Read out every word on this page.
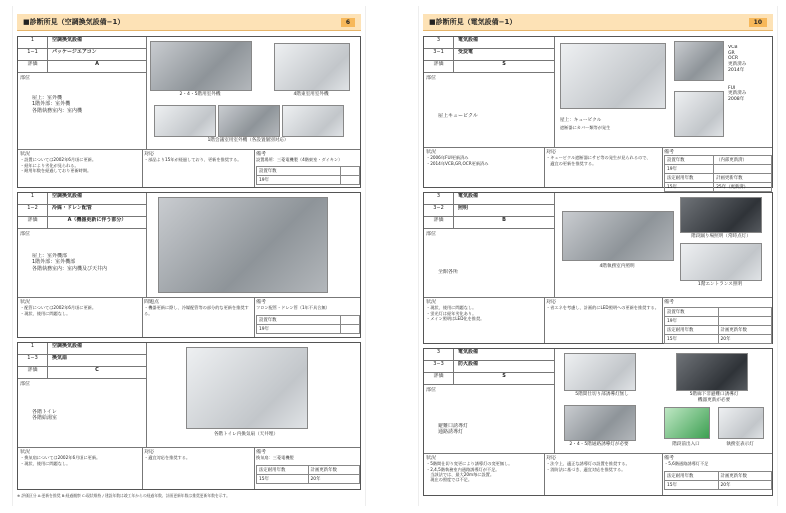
■診断所見（空調換気設備−1）	6
1	空調換気設備
1−1	パッケージエアコン
評価	A
部位
屋上：室外機
1階外部：室外機
各階執務室内：室内機
2・4・5階用室外機	4階東室用室外機
1階会議室用室外機（各設置個別対応）
状況
・設置については2002年6月頃に更新。
・経年により劣化が見られる。
・耐用年数を経過しており更新時期。
対応
・部品より15年が経過しており、更新を推奨する。
備考
設置場所：三菱電機製（4階東室・ダイキン）
設置年数	
19年	
1	空調換気設備
1−2	冷媒・ドレン配管
評価	A（機器更新に伴う部分）
部位
屋上：室外機部
1階外部：室外機部
各階執務室内：室内機及び天井内
状況
・配管については2002年6月頃に更新。
・現状、使用に問題なし。
問題点
・機器更新に際し、冷媒配管等の部分的な更新を推奨する。
備考
フロン配管・ドレン管（1年不具合無）
設置年数	
19年	
1	空調換気設備
1−3	換気扇
評価	C
部位
各階トイレ
各階給湯室
各階トイレ内換気扇（天井埋）
状況
・換気扇については2002年6月頃に更新。
・現状、使用に問題なし。
対応
・適宜対応を推奨する。
備考
換気扇：三菱電機製
法定耐用年数	計画更新年数
15年	20年
※ 評価区分 A:更新を推奨 B:経過観察 C:現状維持 / 建設年数は竣工年からの経過年数、計画更新年数は推奨更新年数を示す。
■診断所見（電気設備−1）	10
3	電気設備
3−1	受変電
評価	S
部位
屋上キュービクル
屋上：キュービクル
遮断器にカバー類等が発生
VCB
GR
OCR
更新済み
2014年
FUI
更新済み
2008年
状況
・2006年FUI更新済み
・2014年VCB,GR,OCR更新済み
対応
・キュービクル遮断器にサビ等の発生が見られるので、
　適宜の更新を推奨する。
備考
設置年数	（内部更新済）
19年	
法定耐用年数	計画更新年数
15年	25年（更新済）
3	電気設備
3−2	照明
評価	B
部位
全館各所
4階執務室内照明
階段踊り場照明（常時点灯）
1階エントランス照明
状況
・現状、使用に問題なし。
・蛍光灯は経年劣化あり。
・メイン照明はLED化を推奨。
対応
・省エネを考慮し、計画的にLED照明への更新を推奨する。
備考
設置年数	
19年	
法定耐用年数	計画更新年数
15年	20年
3	電気設備
3−3	防火設備
評価	S
部位
避難口誘導灯
通路誘導灯
5階間仕切り部誘導灯無し	5階廊下非避難口誘導灯
機器更新が必要
2・4・5階通路誘導灯が必要	階段前出入口	執務室表示灯
状況
・5階間仕切り変更により誘導灯の変更無し。
・2,4,5階執務室内通路誘導灯が不足。
　当該法では、最大20m毎に設置。
　現在の照度では不足。
対応
・法令上、適正な誘導灯の設置を推奨する。
・消防法に基づき、適宜対応を推奨する。
備考
・5,6階通路誘導灯不足
法定耐用年数	計画更新年数
15年	20年
